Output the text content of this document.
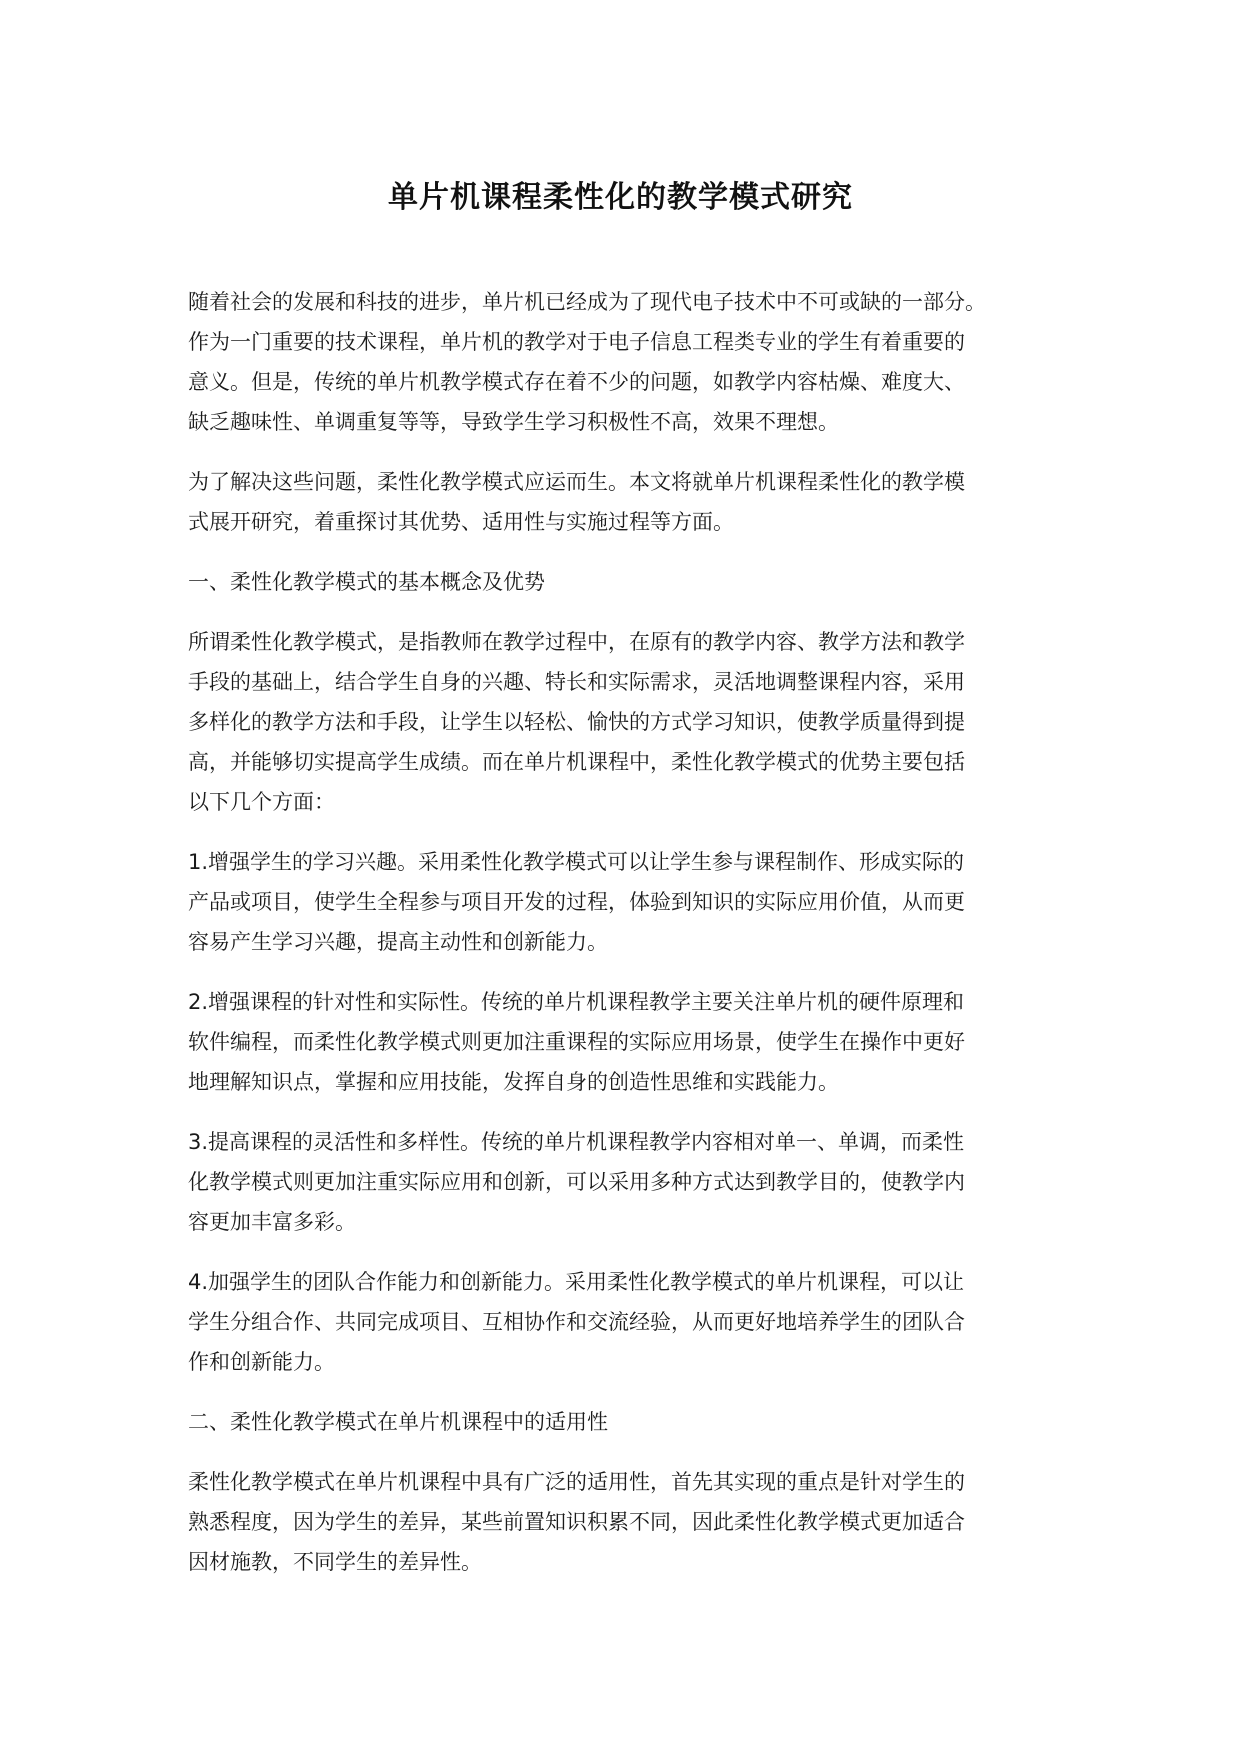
单片机课程柔性化的教学模式研究
随着社会的发展和科技的进步，单片机已经成为了现代电子技术中不可或缺的一部分。
作为一门重要的技术课程，单片机的教学对于电子信息工程类专业的学生有着重要的
意义。但是，传统的单片机教学模式存在着不少的问题，如教学内容枯燥、难度大、
缺乏趣味性、单调重复等等，导致学生学习积极性不高，效果不理想。
为了解决这些问题，柔性化教学模式应运而生。本文将就单片机课程柔性化的教学模
式展开研究，着重探讨其优势、适用性与实施过程等方面。
一、柔性化教学模式的基本概念及优势
所谓柔性化教学模式，是指教师在教学过程中，在原有的教学内容、教学方法和教学
手段的基础上，结合学生自身的兴趣、特长和实际需求，灵活地调整课程内容，采用
多样化的教学方法和手段，让学生以轻松、愉快的方式学习知识，使教学质量得到提
高，并能够切实提高学生成绩。而在单片机课程中，柔性化教学模式的优势主要包括
以下几个方面：
1.增强学生的学习兴趣。采用柔性化教学模式可以让学生参与课程制作、形成实际的
产品或项目，使学生全程参与项目开发的过程，体验到知识的实际应用价值，从而更
容易产生学习兴趣，提高主动性和创新能力。
2.增强课程的针对性和实际性。传统的单片机课程教学主要关注单片机的硬件原理和
软件编程，而柔性化教学模式则更加注重课程的实际应用场景，使学生在操作中更好
地理解知识点，掌握和应用技能，发挥自身的创造性思维和实践能力。
3.提高课程的灵活性和多样性。传统的单片机课程教学内容相对单一、单调，而柔性
化教学模式则更加注重实际应用和创新，可以采用多种方式达到教学目的，使教学内
容更加丰富多彩。
4.加强学生的团队合作能力和创新能力。采用柔性化教学模式的单片机课程，可以让
学生分组合作、共同完成项目、互相协作和交流经验，从而更好地培养学生的团队合
作和创新能力。
二、柔性化教学模式在单片机课程中的适用性
柔性化教学模式在单片机课程中具有广泛的适用性，首先其实现的重点是针对学生的
熟悉程度，因为学生的差异，某些前置知识积累不同，因此柔性化教学模式更加适合
因材施教，不同学生的差异性。
